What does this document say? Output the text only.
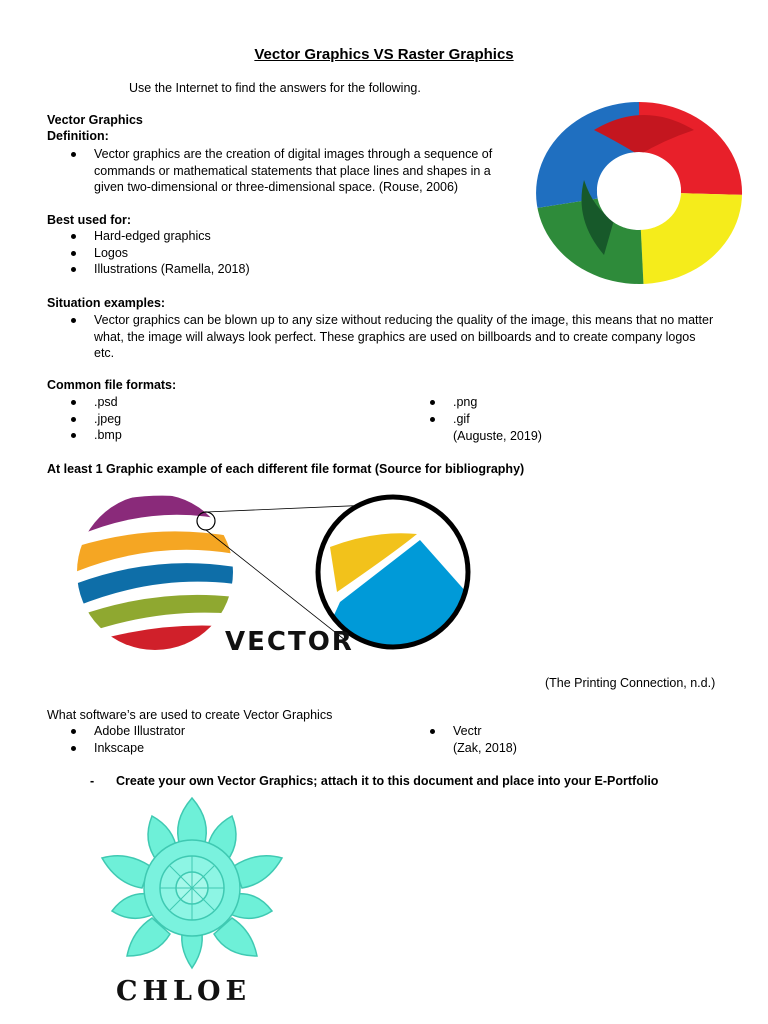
Vector Graphics VS Raster Graphics
Use the Internet to find the answers for the following.
Vector Graphics
Definition:
Vector graphics are the creation of digital images through a sequence of commands or mathematical statements that place lines and shapes in a given two-dimensional or three-dimensional space. (Rouse, 2006)
Best used for:
Hard-edged graphics
Logos
Illustrations (Ramella, 2018)
Situation examples:
Vector graphics can be blown up to any size without reducing the quality of the image, this means that no matter what, the image will always look perfect. These graphics are used on billboards and to create company logos etc.
Common file formats:
.psd
.jpeg
.bmp
.png
.gif
(Auguste, 2019)
At least 1 Graphic example of each different file format (Source for bibliography)
VECTOR
(The Printing Connection, n.d.)
What software’s are used to create Vector Graphics
Adobe Illustrator
Inkscape
Vectr
(Zak, 2018)
- Create your own Vector Graphics; attach it to this document and place into your E-Portfolio
CHLOE
